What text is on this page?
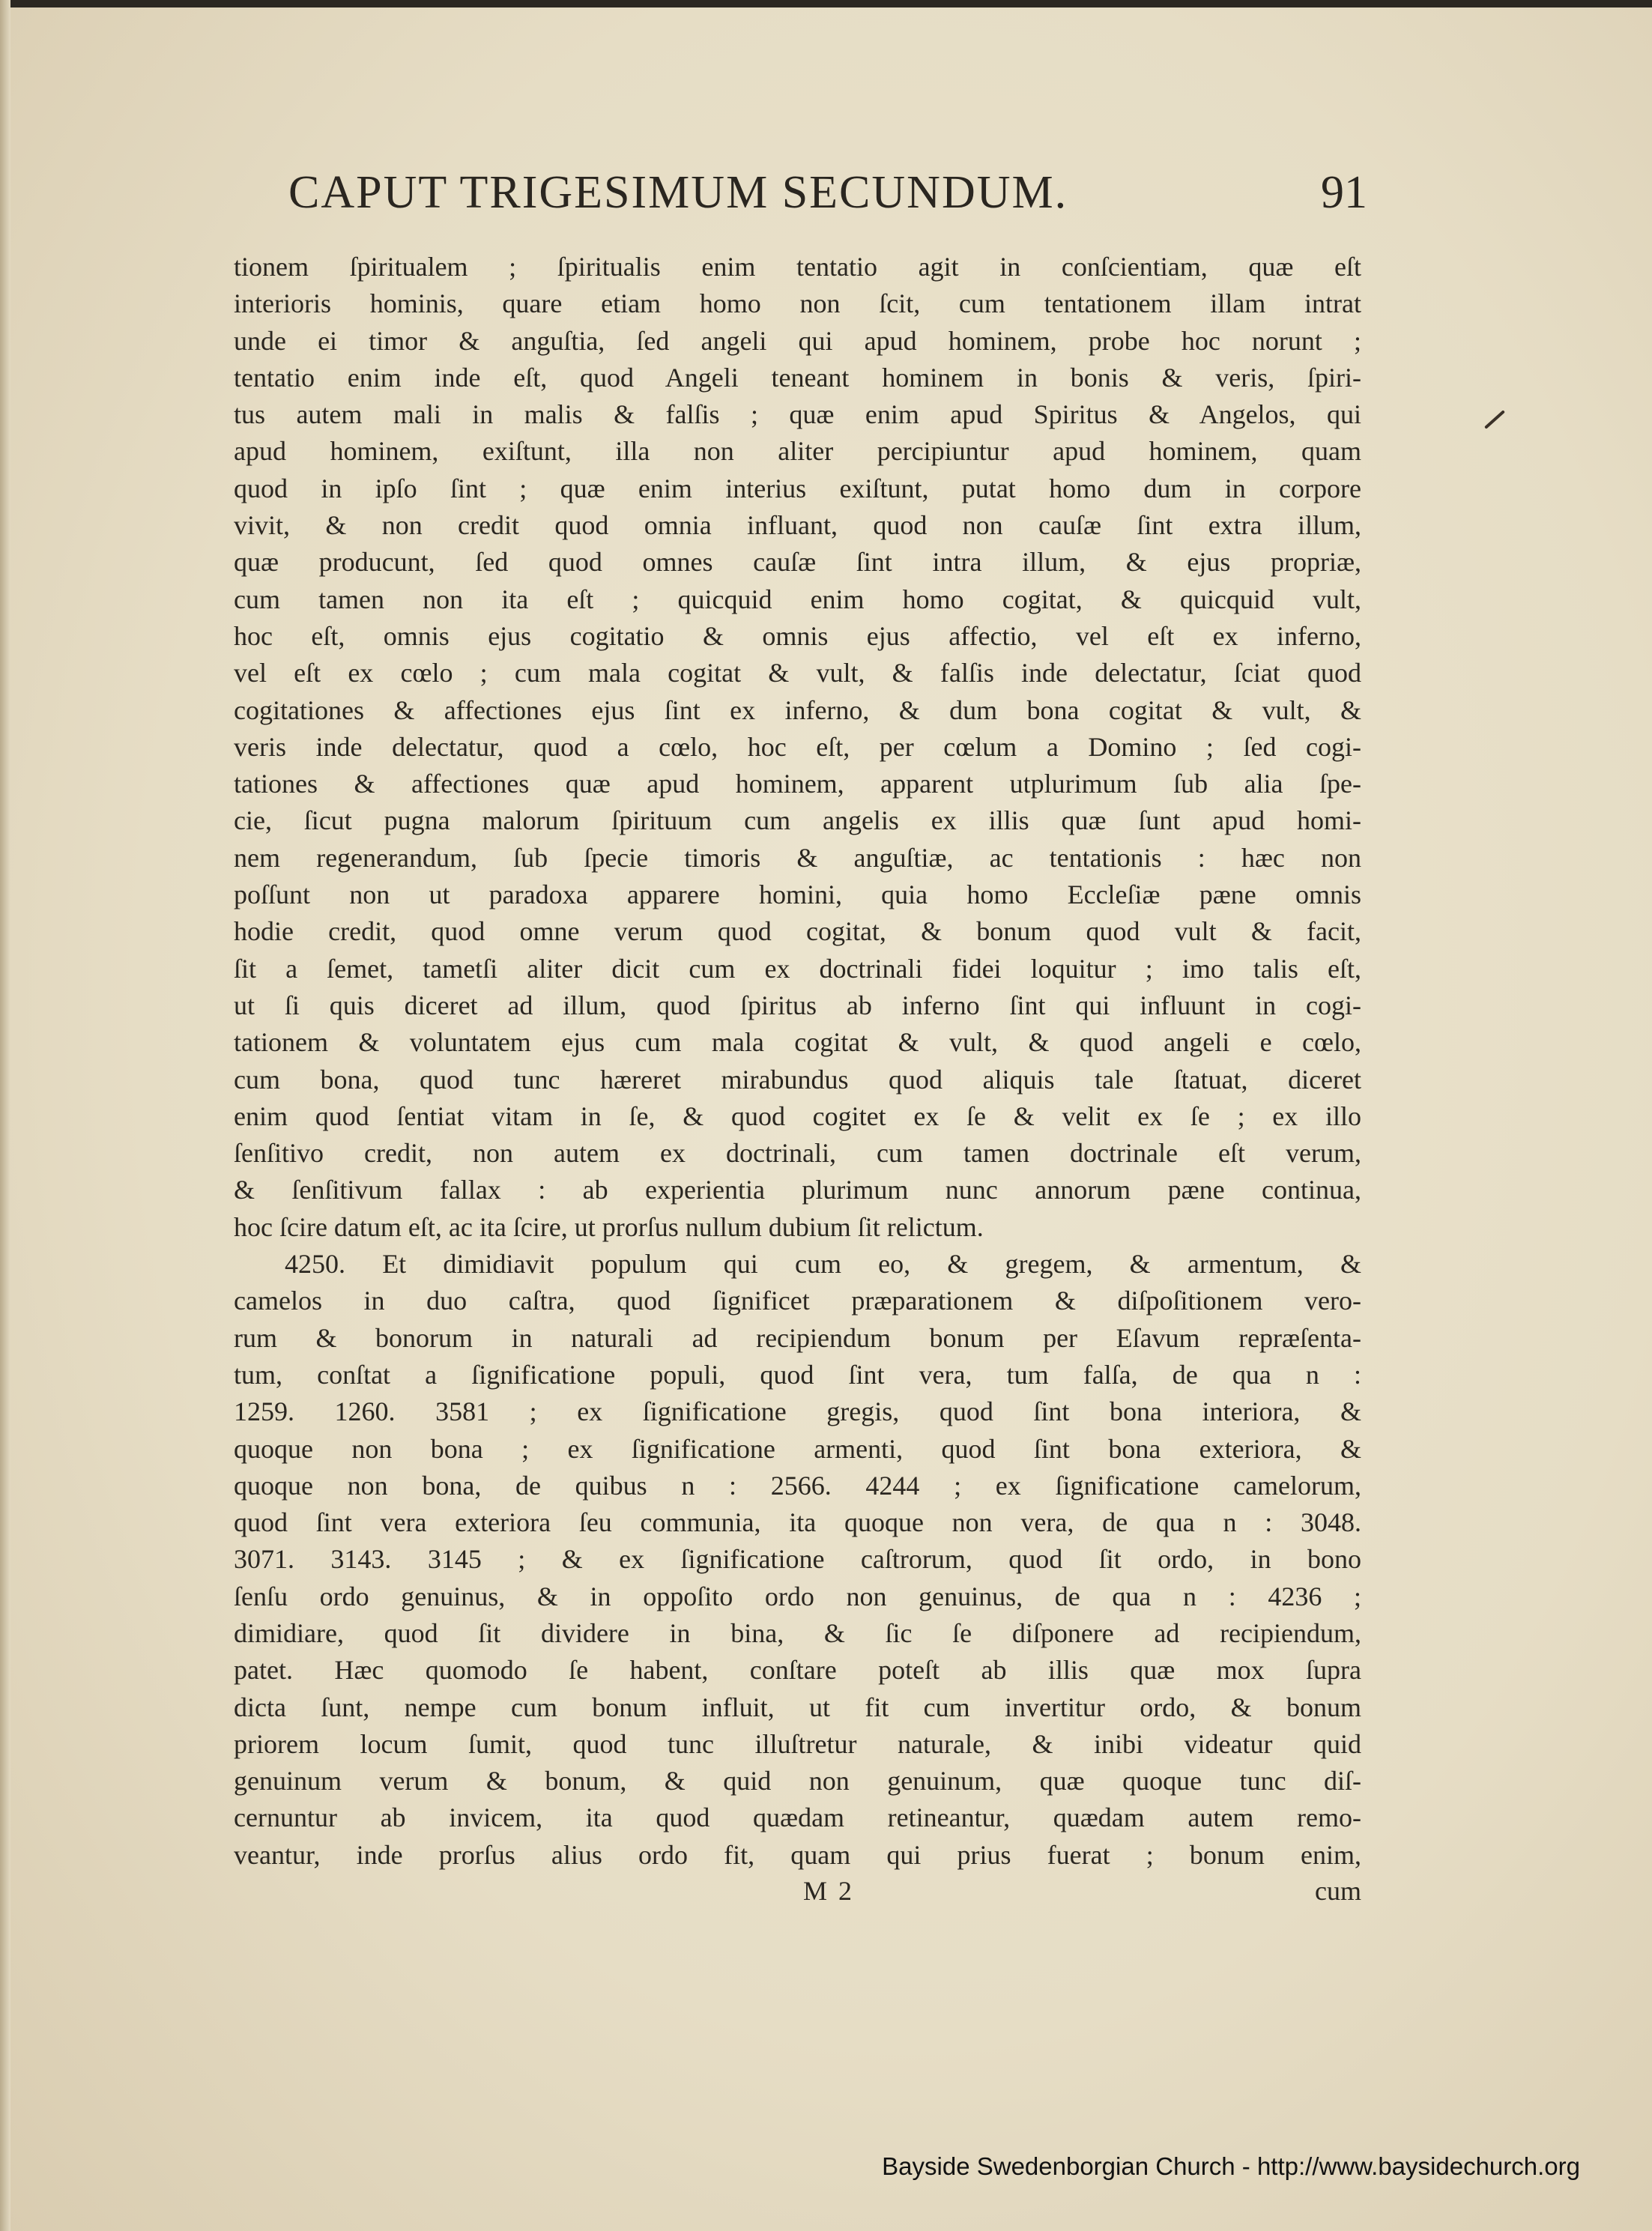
CAPUT TRIGESIMUM SECUNDUM.	91
tionem ſpiritualem ; ſpiritualis enim tentatio agit in conſcientiam, quæ eſt
interioris hominis, quare etiam homo non ſcit, cum tentationem illam intrat
unde ei timor & anguſtia, ſed angeli qui apud hominem, probe hoc norunt ;
tentatio enim inde eſt, quod Angeli teneant hominem in bonis & veris, ſpiri-
tus autem mali in malis & falſis ; quæ enim apud Spiritus & Angelos, qui
apud hominem, exiſtunt, illa non aliter percipiuntur apud hominem, quam
quod in ipſo ſint ; quæ enim interius exiſtunt, putat homo dum in corpore
vivit, & non credit quod omnia influant, quod non cauſæ ſint extra illum,
quæ producunt, ſed quod omnes cauſæ ſint intra illum, & ejus propriæ,
cum tamen non ita eſt ; quicquid enim homo cogitat, & quicquid vult,
hoc eſt, omnis ejus cogitatio & omnis ejus affectio, vel eſt ex inferno,
vel eſt ex cœlo ; cum mala cogitat & vult, & falſis inde delectatur, ſciat quod
cogitationes & affectiones ejus ſint ex inferno, & dum bona cogitat & vult, &
veris inde delectatur, quod a cœlo, hoc eſt, per cœlum a Domino ; ſed cogi-
tationes & affectiones quæ apud hominem, apparent utplurimum ſub alia ſpe-
cie, ſicut pugna malorum ſpirituum cum angelis ex illis quæ ſunt apud homi-
nem regenerandum, ſub ſpecie timoris & anguſtiæ, ac tentationis : hæc non
poſſunt non ut paradoxa apparere homini, quia homo Eccleſiæ pæne omnis
hodie credit, quod omne verum quod cogitat, & bonum quod vult & facit,
ſit a ſemet, tametſi aliter dicit cum ex doctrinali fidei loquitur ; imo talis eſt,
ut ſi quis diceret ad illum, quod ſpiritus ab inferno ſint qui influunt in cogi-
tationem & voluntatem ejus cum mala cogitat & vult, & quod angeli e cœlo,
cum bona, quod tunc hæreret mirabundus quod aliquis tale ſtatuat, diceret
enim quod ſentiat vitam in ſe, & quod cogitet ex ſe & velit ex ſe ; ex illo
ſenſitivo credit, non autem ex doctrinali, cum tamen doctrinale eſt verum,
& ſenſitivum fallax : ab experientia plurimum nunc annorum pæne continua,
hoc ſcire datum eſt, ac ita ſcire, ut prorſus nullum dubium ſit relictum.
4250. Et dimidiavit populum qui cum eo, & gregem, & armentum, &
camelos in duo caſtra, quod ſignificet præparationem & diſpoſitionem vero-
rum & bonorum in naturali ad recipiendum bonum per Eſavum repræſenta-
tum, conſtat a ſignificatione populi, quod ſint vera, tum falſa, de qua n :
1259. 1260. 3581 ; ex ſignificatione gregis, quod ſint bona interiora, &
quoque non bona ; ex ſignificatione armenti, quod ſint bona exteriora, &
quoque non bona, de quibus n : 2566. 4244 ; ex ſignificatione camelorum,
quod ſint vera exteriora ſeu communia, ita quoque non vera, de qua n : 3048.
3071. 3143. 3145 ; & ex ſignificatione caſtrorum, quod ſit ordo, in bono
ſenſu ordo genuinus, & in oppoſito ordo non genuinus, de qua n : 4236 ;
dimidiare, quod ſit dividere in bina, & ſic ſe diſponere ad recipiendum,
patet. Hæc quomodo ſe habent, conſtare poteſt ab illis quæ mox ſupra
dicta ſunt, nempe cum bonum influit, ut fit cum invertitur ordo, & bonum
priorem locum ſumit, quod tunc illuſtretur naturale, & inibi videatur quid
genuinum verum & bonum, & quid non genuinum, quæ quoque tunc diſ-
cernuntur ab invicem, ita quod quædam retineantur, quædam autem remo-
veantur, inde prorſus alius ordo fit, quam qui prius fuerat ; bonum enim,
M 2	cum
Bayside Swedenborgian Church - http://www.baysidechurch.org
